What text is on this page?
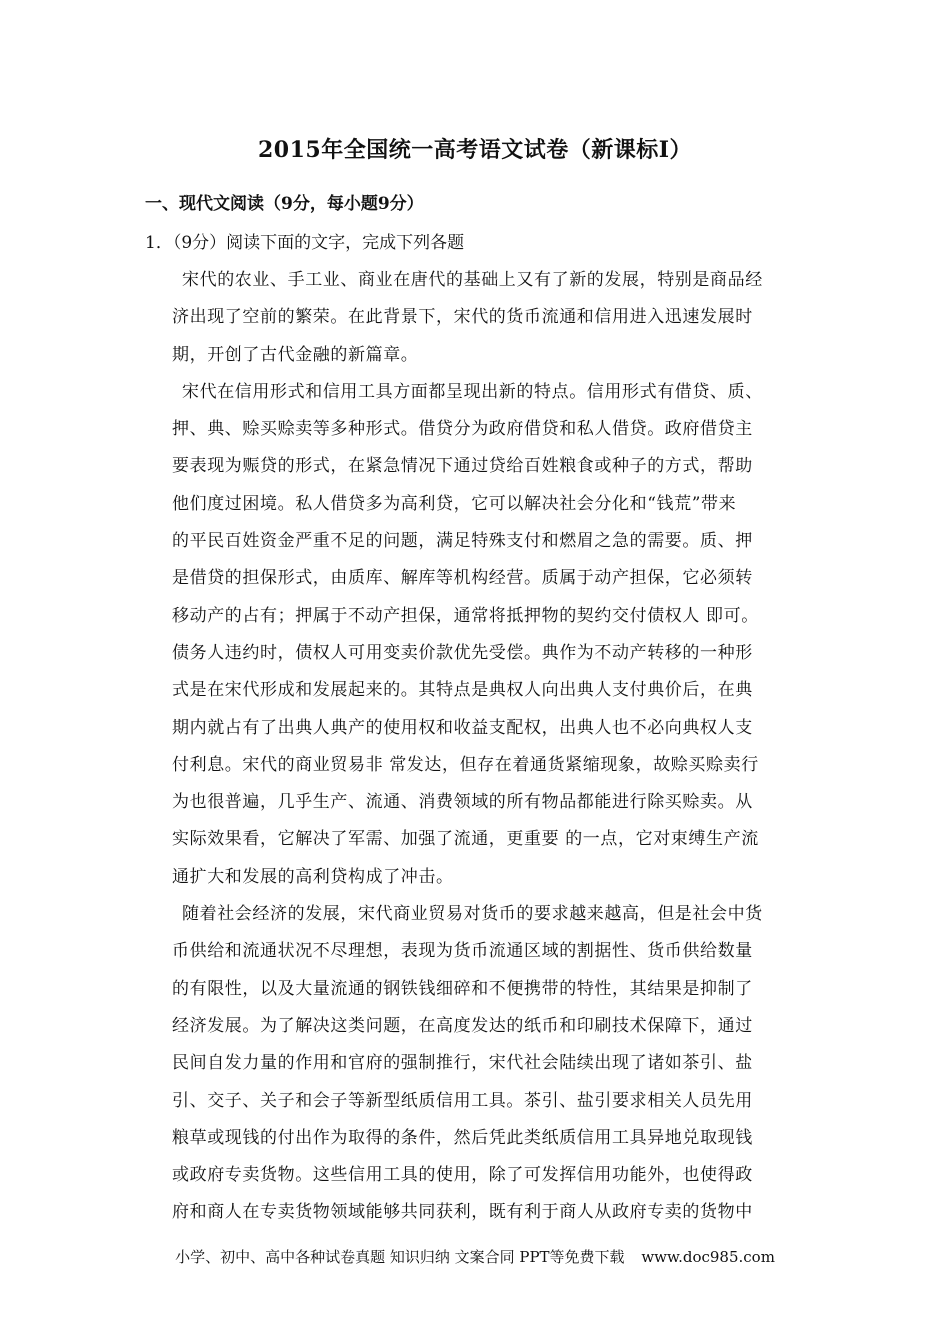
2015年全国统一高考语文试卷（新课标Ⅰ）
一、现代文阅读（9分，每小题9分）
1．（9分）阅读下面的文字，完成下列各题
宋代的农业、手工业、商业在唐代的基础上又有了新的发展，特别是商品经
济出现了空前的繁荣。在此背景下，宋代的货币流通和信用进入迅速发展时
期，开创了古代金融的新篇章。
宋代在信用形式和信用工具方面都呈现出新的特点。信用形式有借贷、质、
押、典、赊买赊卖等多种形式。借贷分为政府借贷和私人借贷。政府借贷主
要表现为赈贷的形式，在紧急情况下通过贷给百姓粮食或种子的方式，帮助
他们度过困境。私人借贷多为高利贷，它可以解决社会分化和“钱荒”带来
的平民百姓资金严重不足的问题，满足特殊支付和燃眉之急的需要。质、押
是借贷的担保形式，由质库、解库等机构经营。质属于动产担保，它必须转
移动产的占有；押属于不动产担保，通常将抵押物的契约交付债权人 即可。
债务人违约时，债权人可用变卖价款优先受偿。典作为不动产转移的一种形
式是在宋代形成和发展起来的。其特点是典权人向出典人支付典价后，在典
期内就占有了出典人典产的使用权和收益支配权，出典人也不必向典权人支
付利息。宋代的商业贸易非 常发达，但存在着通货紧缩现象，故赊买赊卖行
为也很普遍，几乎生产、流通、消费领域的所有物品都能进行除买赊卖。从
实际效果看，它解决了军需、加强了流通，更重要 的一点，它对束缚生产流
通扩大和发展的高利贷构成了冲击。
随着社会经济的发展，宋代商业贸易对货币的要求越来越高，但是社会中货
币供给和流通状况不尽理想，表现为货币流通区域的割据性、货币供给数量
的有限性，以及大量流通的钢铁钱细碎和不便携带的特性，其结果是抑制了
经济发展。为了解决这类问题，在高度发达的纸币和印刷技术保障下，通过
民间自发力量的作用和官府的强制推行，宋代社会陆续出现了诸如茶引、盐
引、交子、关子和会子等新型纸质信用工具。茶引、盐引要求相关人员先用
粮草或现钱的付出作为取得的条件，然后凭此类纸质信用工具异地兑取现钱
或政府专卖货物。这些信用工具的使用，除了可发挥信用功能外，也使得政
府和商人在专卖货物领域能够共同获利，既有利于商人从政府专卖的货物中
小学、初中、高中各种试卷真题 知识归纳 文案合同 PPT等免费下载 www.doc985.com
